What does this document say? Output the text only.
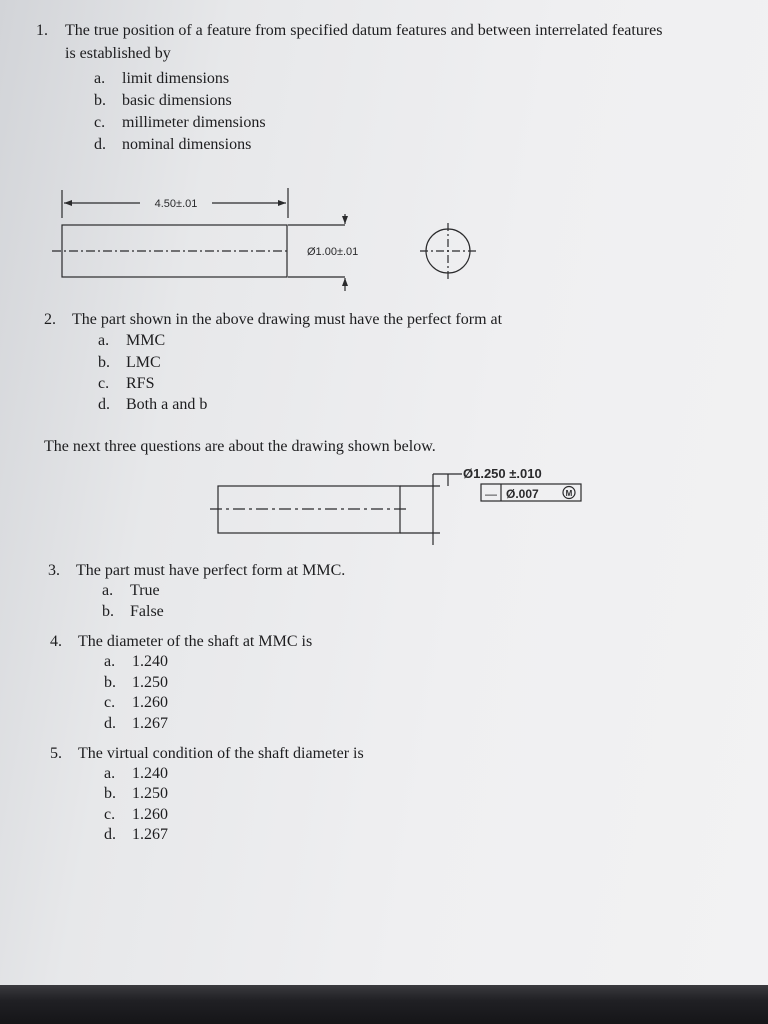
1. The true position of a feature from specified datum features and between interrelated features
is established by
a. limit dimensions
b. basic dimensions
c. millimeter dimensions
d. nominal dimensions
4.50±.01
Ø1.00±.01
2. The part shown in the above drawing must have the perfect form at
a. MMC
b. LMC
c. RFS
d. Both a and b
The next three questions are about the drawing shown below.
Ø1.250 ±.010
— Ø.007	M
3. The part must have perfect form at MMC.
a. True
b. False
4. The diameter of the shaft at MMC is
a. 1.240
b. 1.250
c. 1.260
d. 1.267
5. The virtual condition of the shaft diameter is
a. 1.240
b. 1.250
c. 1.260
d. 1.267
